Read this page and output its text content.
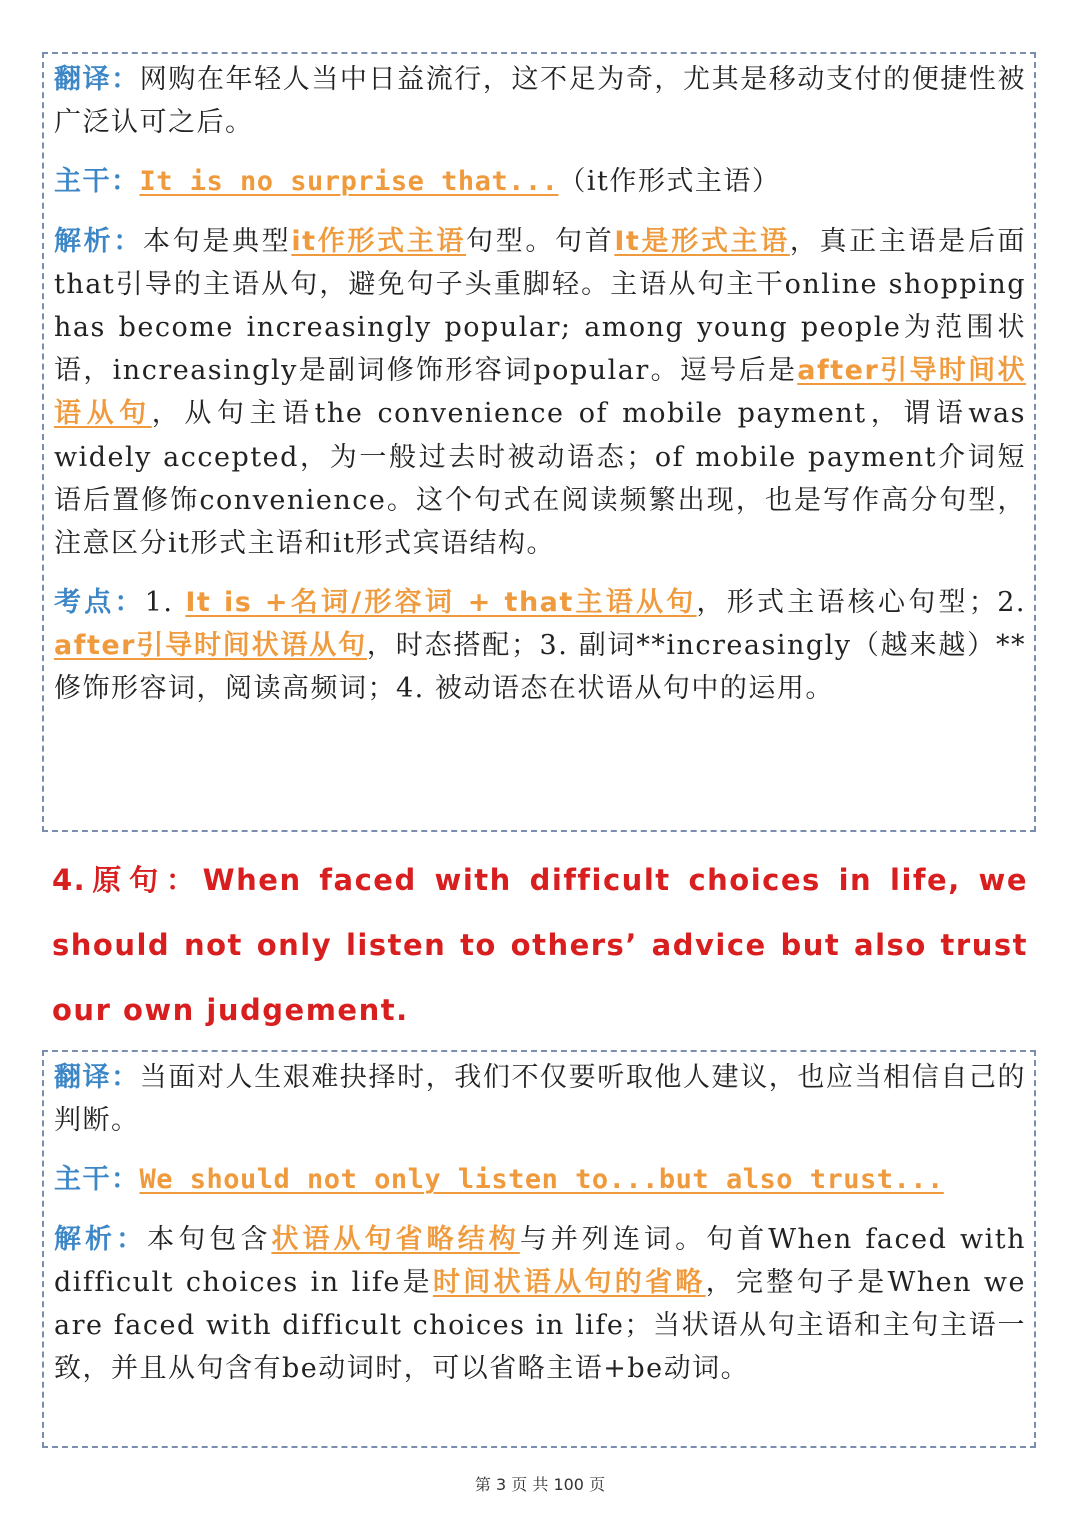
翻译：网购在年轻人当中日益流行，这不足为奇，尤其是移动支付的便捷性被广泛认可之后。

主干：It is no surprise that...（it作形式主语）

解析：本句是典型it作形式主语句型。句首It是形式主语，真正主语是后面that引导的主语从句，避免句子头重脚轻。主语从句主干online shopping has become increasingly popular; among young people为范围状语，increasingly是副词修饰形容词popular。逗号后是after引导时间状语从句，从句主语the convenience of mobile payment，谓语was widely accepted，为一般过去时被动语态；of mobile payment介词短语后置修饰convenience。这个句式在阅读频繁出现，也是写作高分句型，注意区分it形式主语和it形式宾语结构。

考点：1. It is +名词/形容词 + that主语从句，形式主语核心句型；2. after引导时间状语从句，时态搭配；3. 副词**increasingly（越来越）**修饰形容词，阅读高频词；4. 被动语态在状语从句中的运用。

4.原句：When faced with difficult choices in life, we should not only listen to others’ advice but also trust our own judgement.

翻译：当面对人生艰难抉择时，我们不仅要听取他人建议，也应当相信自己的判断。

主干：We should not only listen to...but also trust...

解析：本句包含状语从句省略结构与并列连词。句首When faced with difficult choices in life是时间状语从句的省略，完整句子是When we are faced with difficult choices in life；当状语从句主语和主句主语一致，并且从句含有be动词时，可以省略主语+be动词。

第 3 页 共 100 页
